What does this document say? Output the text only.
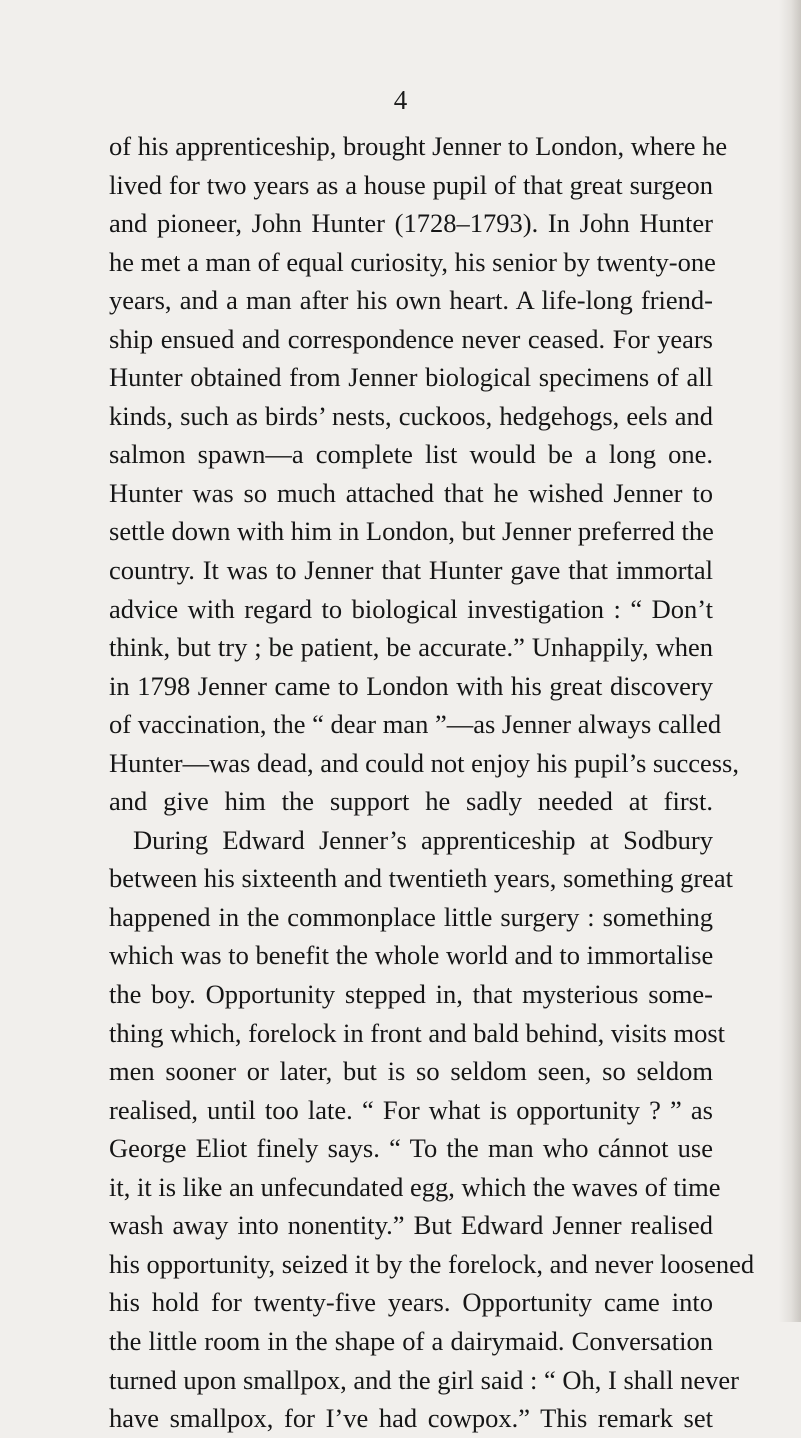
4
of his apprenticeship, brought Jenner to London, where he
lived for two years as a house pupil of that great surgeon
and pioneer, John Hunter (1728–1793). In John Hunter
he met a man of equal curiosity, his senior by twenty-one
years, and a man after his own heart. A life-long friend-
ship ensued and correspondence never ceased. For years
Hunter obtained from Jenner biological specimens of all
kinds, such as birds’ nests, cuckoos, hedgehogs, eels and
salmon spawn—a complete list would be a long one.
Hunter was so much attached that he wished Jenner to
settle down with him in London, but Jenner preferred the
country. It was to Jenner that Hunter gave that immortal
advice with regard to biological investigation : “ Don’t
think, but try ; be patient, be accurate.” Unhappily, when
in 1798 Jenner came to London with his great discovery
of vaccination, the “ dear man ”—as Jenner always called
Hunter—was dead, and could not enjoy his pupil’s success,
and give him the support he sadly needed at first.
During Edward Jenner’s apprenticeship at Sodbury
between his sixteenth and twentieth years, something great
happened in the commonplace little surgery : something
which was to benefit the whole world and to immortalise
the boy. Opportunity stepped in, that mysterious some-
thing which, forelock in front and bald behind, visits most
men sooner or later, but is so seldom seen, so seldom
realised, until too late. “ For what is opportunity ? ” as
George Eliot finely says. “ To the man who cánnot use
it, it is like an unfecundated egg, which the waves of time
wash away into nonentity.” But Edward Jenner realised
his opportunity, seized it by the forelock, and never loosened
his hold for twenty-five years. Opportunity came into
the little room in the shape of a dairymaid. Conversation
turned upon smallpox, and the girl said : “ Oh, I shall never
have smallpox, for I’ve had cowpox.” This remark set
